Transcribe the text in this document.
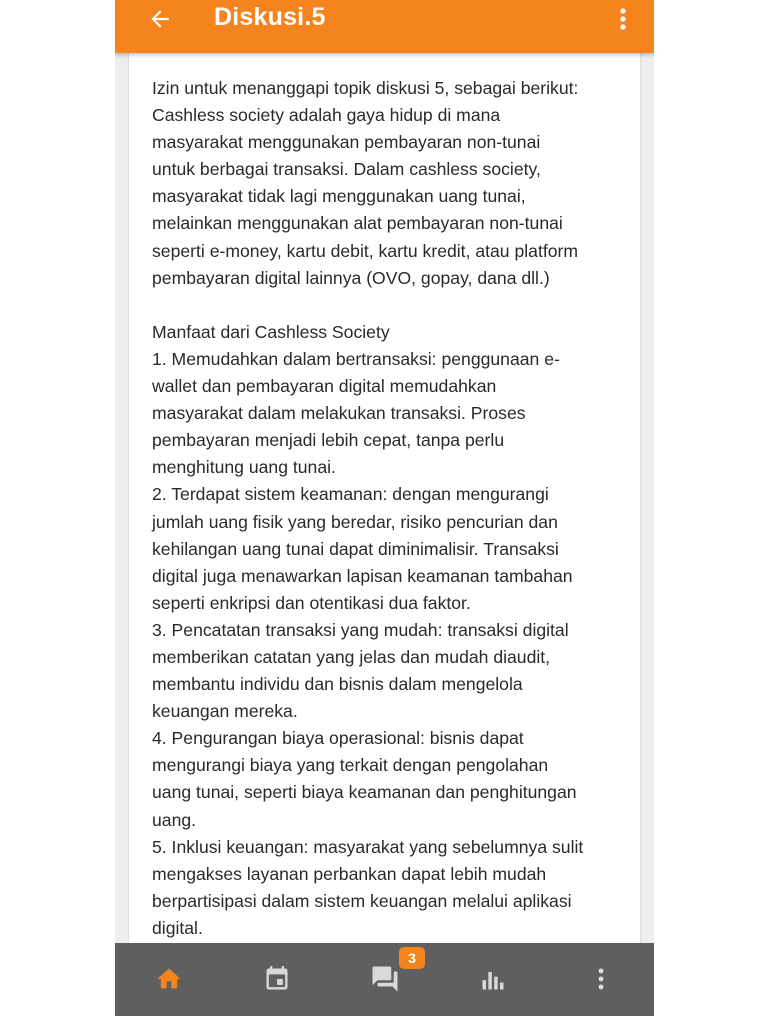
Diskusi.5

Izin untuk menanggapi topik diskusi 5, sebagai berikut:
Cashless society adalah gaya hidup di mana
masyarakat menggunakan pembayaran non-tunai
untuk berbagai transaksi. Dalam cashless society,
masyarakat tidak lagi menggunakan uang tunai,
melainkan menggunakan alat pembayaran non-tunai
seperti e-money, kartu debit, kartu kredit, atau platform
pembayaran digital lainnya (OVO, gopay, dana dll.)

Manfaat dari Cashless Society
1. Memudahkan dalam bertransaksi: penggunaan e-
wallet dan pembayaran digital memudahkan
masyarakat dalam melakukan transaksi. Proses
pembayaran menjadi lebih cepat, tanpa perlu
menghitung uang tunai.
2. Terdapat sistem keamanan: dengan mengurangi
jumlah uang fisik yang beredar, risiko pencurian dan
kehilangan uang tunai dapat diminimalisir. Transaksi
digital juga menawarkan lapisan keamanan tambahan
seperti enkripsi dan otentikasi dua faktor.
3. Pencatatan transaksi yang mudah: transaksi digital
memberikan catatan yang jelas dan mudah diaudit,
membantu individu dan bisnis dalam mengelola
keuangan mereka.
4. Pengurangan biaya operasional: bisnis dapat
mengurangi biaya yang terkait dengan pengolahan
uang tunai, seperti biaya keamanan dan penghitungan
uang.
5. Inklusi keuangan: masyarakat yang sebelumnya sulit
mengakses layanan perbankan dapat lebih mudah
berpartisipasi dalam sistem keuangan melalui aplikasi
digital.

3
